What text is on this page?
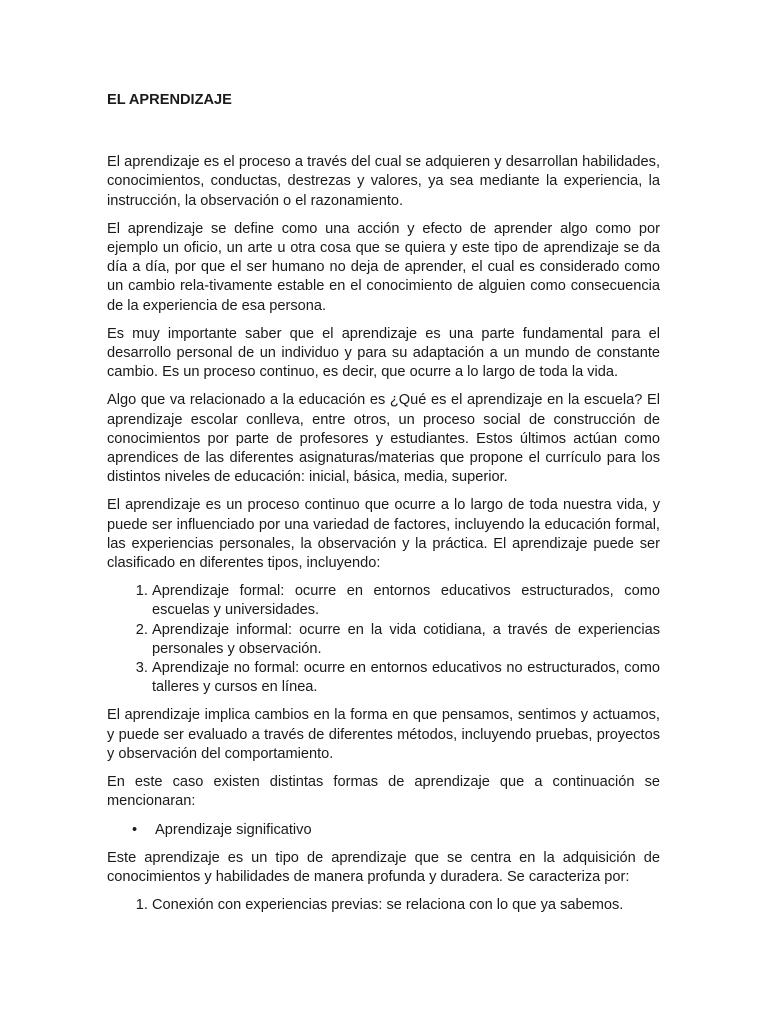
EL APRENDIZAJE

El aprendizaje es el proceso a través del cual se adquieren y desarrollan habilidades, conocimientos, conductas, destrezas y valores, ya sea mediante la experiencia, la instrucción, la observación o el razonamiento.

El aprendizaje se define como una acción y efecto de aprender algo como por ejemplo un oficio, un arte u otra cosa que se quiera y este tipo de aprendizaje se da día a día, por que el ser humano no deja de aprender, el cual es considerado como un cambio rela-tivamente estable en el conocimiento de alguien como consecuencia de la experiencia de esa persona.

Es muy importante saber que el aprendizaje es una parte fundamental para el desarrollo personal de un individuo y para su adaptación a un mundo de constante cambio. Es un proceso continuo, es decir, que ocurre a lo largo de toda la vida.

Algo que va relacionado a la educación es ¿Qué es el aprendizaje en la escuela? El aprendizaje escolar conlleva, entre otros, un proceso social de construcción de conocimientos por parte de profesores y estudiantes. Estos últimos actúan como aprendices de las diferentes asignaturas/materias que propone el currículo para los distintos niveles de educación: inicial, básica, media, superior.

El aprendizaje es un proceso continuo que ocurre a lo largo de toda nuestra vida, y puede ser influenciado por una variedad de factores, incluyendo la educación formal, las experiencias personales, la observación y la práctica. El aprendizaje puede ser clasificado en diferentes tipos, incluyendo:

1. Aprendizaje formal: ocurre en entornos educativos estructurados, como escuelas y universidades.
2. Aprendizaje informal: ocurre en la vida cotidiana, a través de experiencias personales y observación.
3. Aprendizaje no formal: ocurre en entornos educativos no estructurados, como talleres y cursos en línea.

El aprendizaje implica cambios en la forma en que pensamos, sentimos y actuamos, y puede ser evaluado a través de diferentes métodos, incluyendo pruebas, proyectos y observación del comportamiento.

En este caso existen distintas formas de aprendizaje que a continuación se mencionaran:

• Aprendizaje significativo

Este aprendizaje es un tipo de aprendizaje que se centra en la adquisición de conocimientos y habilidades de manera profunda y duradera. Se caracteriza por:

1. Conexión con experiencias previas: se relaciona con lo que ya sabemos.
